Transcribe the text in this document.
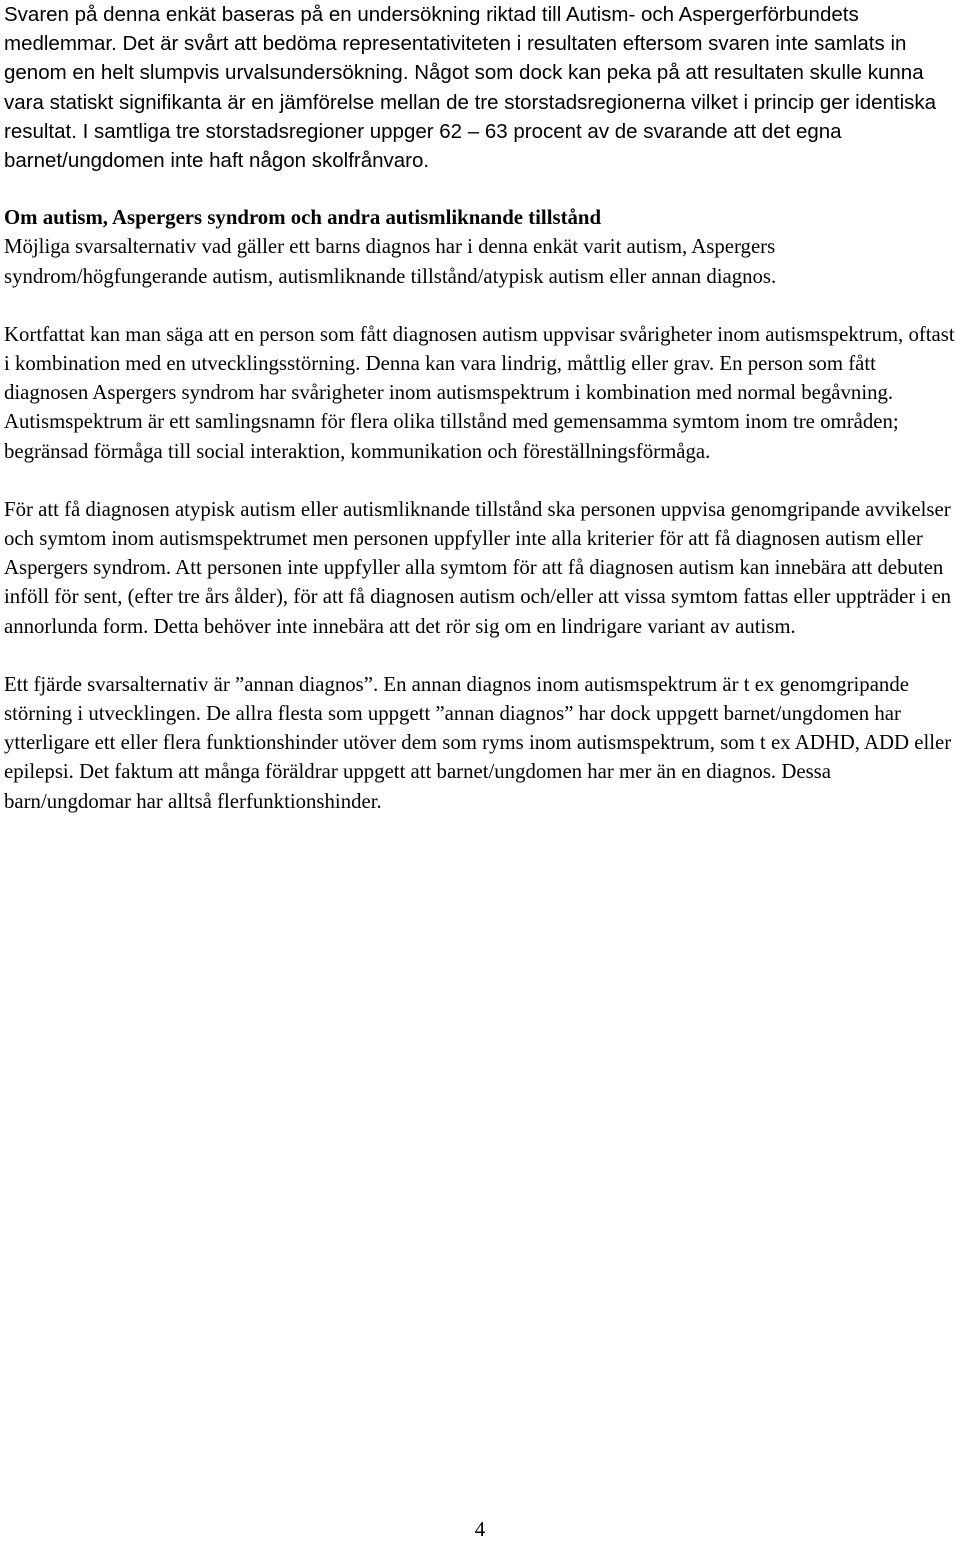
Svaren på denna enkät baseras på en undersökning riktad till Autism- och Aspergerförbundets medlemmar. Det är svårt att bedöma representativiteten i resultaten eftersom svaren inte samlats in genom en helt slumpvis urvalsundersökning. Något som dock kan peka på att resultaten skulle kunna vara statiskt signifikanta är en jämförelse mellan de tre storstadsregionerna vilket i princip ger identiska resultat. I samtliga tre storstadsregioner uppger 62 – 63 procent av de svarande att det egna barnet/ungdomen inte haft någon skolfrånvaro.

Om autism, Aspergers syndrom och andra autismliknande tillstånd

Möjliga svarsalternativ vad gäller ett barns diagnos har i denna enkät varit autism, Aspergers syndrom/högfungerande autism, autismliknande tillstånd/atypisk autism eller annan diagnos.

Kortfattat kan man säga att en person som fått diagnosen autism uppvisar svårigheter inom autismspektrum, oftast i kombination med en utvecklingsstörning. Denna kan vara lindrig, måttlig eller grav. En person som fått diagnosen Aspergers syndrom har svårigheter inom autismspektrum i kombination med normal begåvning.

Autismspektrum är ett samlingsnamn för flera olika tillstånd med gemensamma symtom inom tre områden; begränsad förmåga till social interaktion, kommunikation och föreställningsförmåga.

För att få diagnosen atypisk autism eller autismliknande tillstånd ska personen uppvisa genomgripande avvikelser och symtom inom autismspektrumet men personen uppfyller inte alla kriterier för att få diagnosen autism eller Aspergers syndrom. Att personen inte uppfyller alla symtom för att få diagnosen autism kan innebära att debuten inföll för sent, (efter tre års ålder), för att få diagnosen autism och/eller att vissa symtom fattas eller uppträder i en annorlunda form. Detta behöver inte innebära att det rör sig om en lindrigare variant av autism.

Ett fjärde svarsalternativ är ”annan diagnos”. En annan diagnos inom autismspektrum är t ex genomgripande störning i utvecklingen. De allra flesta som uppgett ”annan diagnos” har dock uppgett barnet/ungdomen har ytterligare ett eller flera funktionshinder utöver dem som ryms inom autismspektrum, som t ex ADHD, ADD eller epilepsi. Det faktum att många föräldrar uppgett att barnet/ungdomen har mer än en diagnos. Dessa barn/ungdomar har alltså flerfunktionshinder.

4
